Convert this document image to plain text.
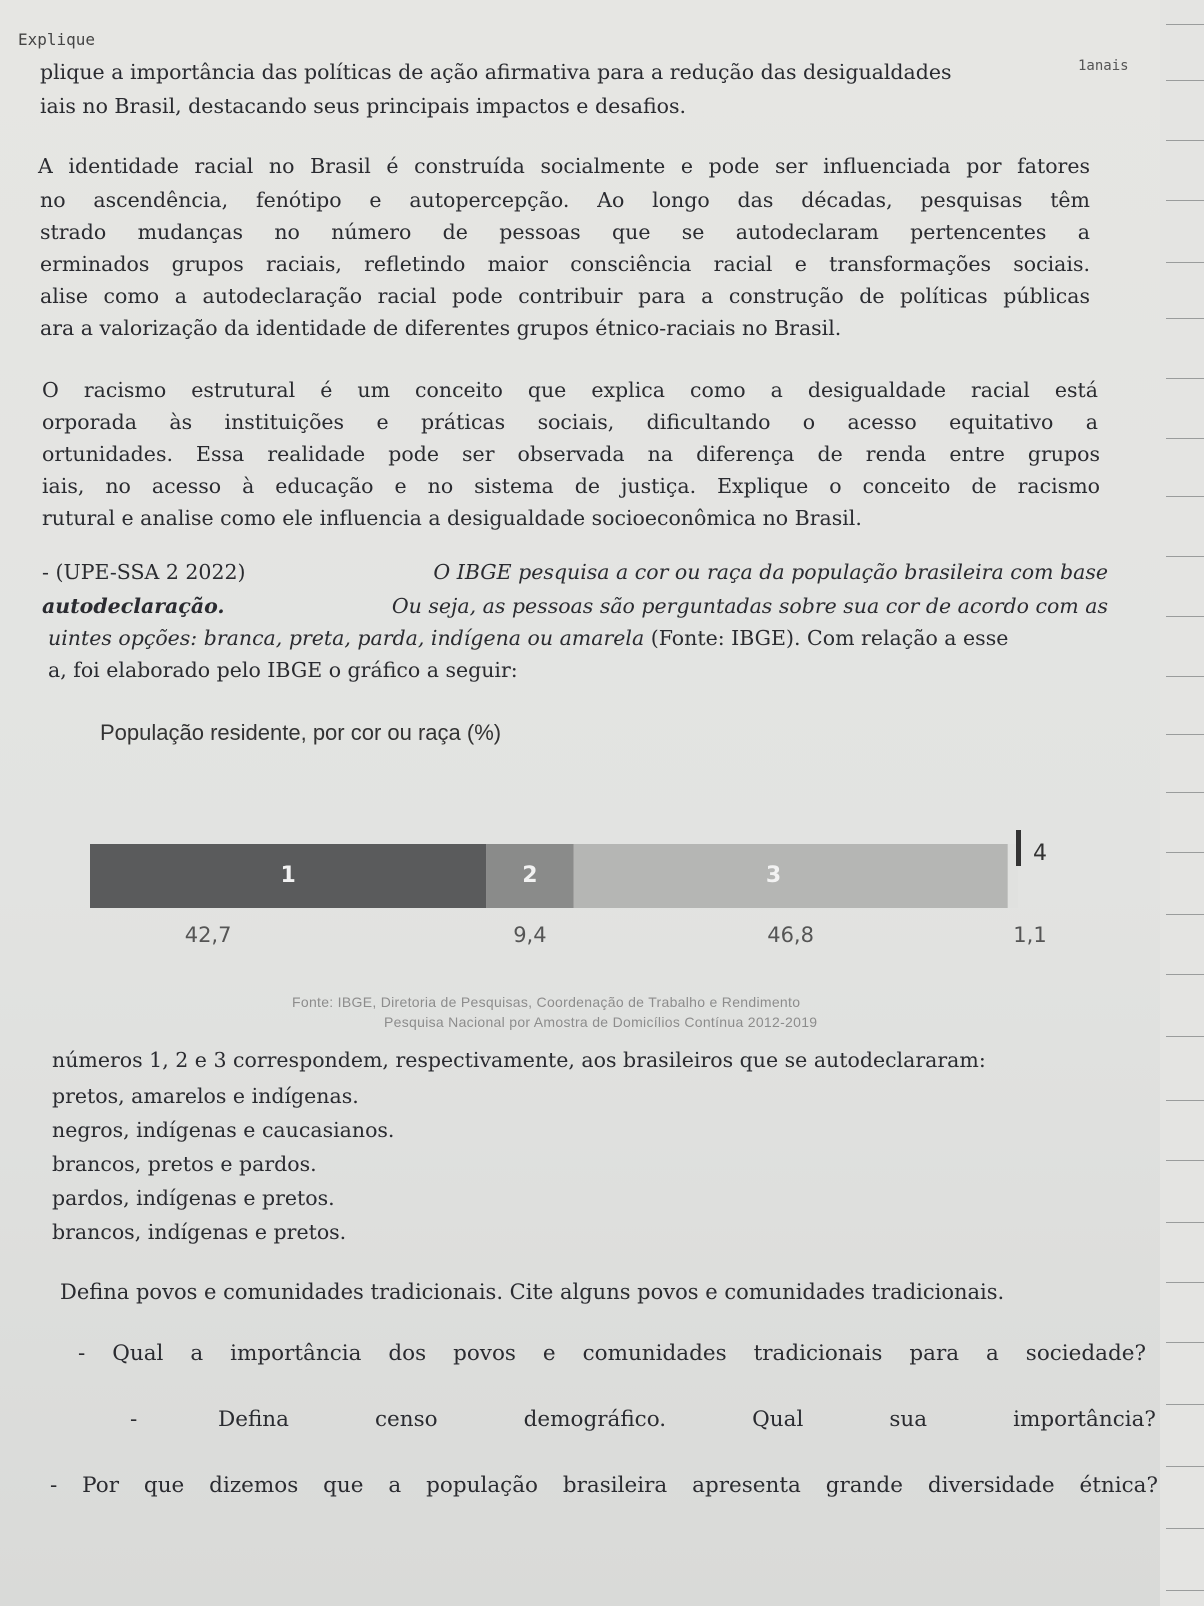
Explique
1anais

plique a importância das políticas de ação afirmativa para a redução das desigualdades

iais no Brasil, destacando seus principais impactos e desafios.

A identidade racial no Brasil é construída socialmente e pode ser influenciada por fatores

no ascendência, fenótipo e autopercepção. Ao longo das décadas, pesquisas têm

strado mudanças no número de pessoas que se autodeclaram pertencentes a

erminados grupos raciais, refletindo maior consciência racial e transformações sociais.

alise como a autodeclaração racial pode contribuir para a construção de políticas públicas

ara a valorização da identidade de diferentes grupos étnico-raciais no Brasil.

O racismo estrutural é um conceito que explica como a desigualdade racial está

orporada às instituições e práticas sociais, dificultando o acesso equitativo a

ortunidades. Essa realidade pode ser observada na diferença de renda entre grupos

iais, no acesso à educação e no sistema de justiça. Explique o conceito de racismo

rutural e analise como ele influencia a desigualdade socioeconômica no Brasil.

- (UPE-SSA 2 2022)	O IBGE pesquisa a cor ou raça da população brasileira com base

autodeclaração.	Ou seja, as pessoas são perguntadas sobre sua cor de acordo com as

uintes opções: branca, preta, parda, indígena ou amarela (Fonte: IBGE). Com relação a esse

a, foi elaborado pelo IBGE o gráfico a seguir:

População residente, por cor ou raça (%)
1	2	3
4
42,7	9,4	46,8	1,1
Fonte: IBGE, Diretoria de Pesquisas, Coordenação de Trabalho e Rendimento
Pesquisa Nacional por Amostra de Domicílios Contínua 2012-2019

números 1, 2 e 3 correspondem, respectivamente, aos brasileiros que se autodeclararam:

pretos, amarelos e indígenas.

negros, indígenas e caucasianos.

brancos, pretos e pardos.

pardos, indígenas e pretos.

brancos, indígenas e pretos.

Defina povos e comunidades tradicionais. Cite alguns povos e comunidades tradicionais.

- Qual a importância dos povos e comunidades tradicionais para a sociedade?

-	Defina	censo	demográfico.	Qual	sua	importância?

- Por que dizemos que a população brasileira apresenta grande diversidade étnica?
